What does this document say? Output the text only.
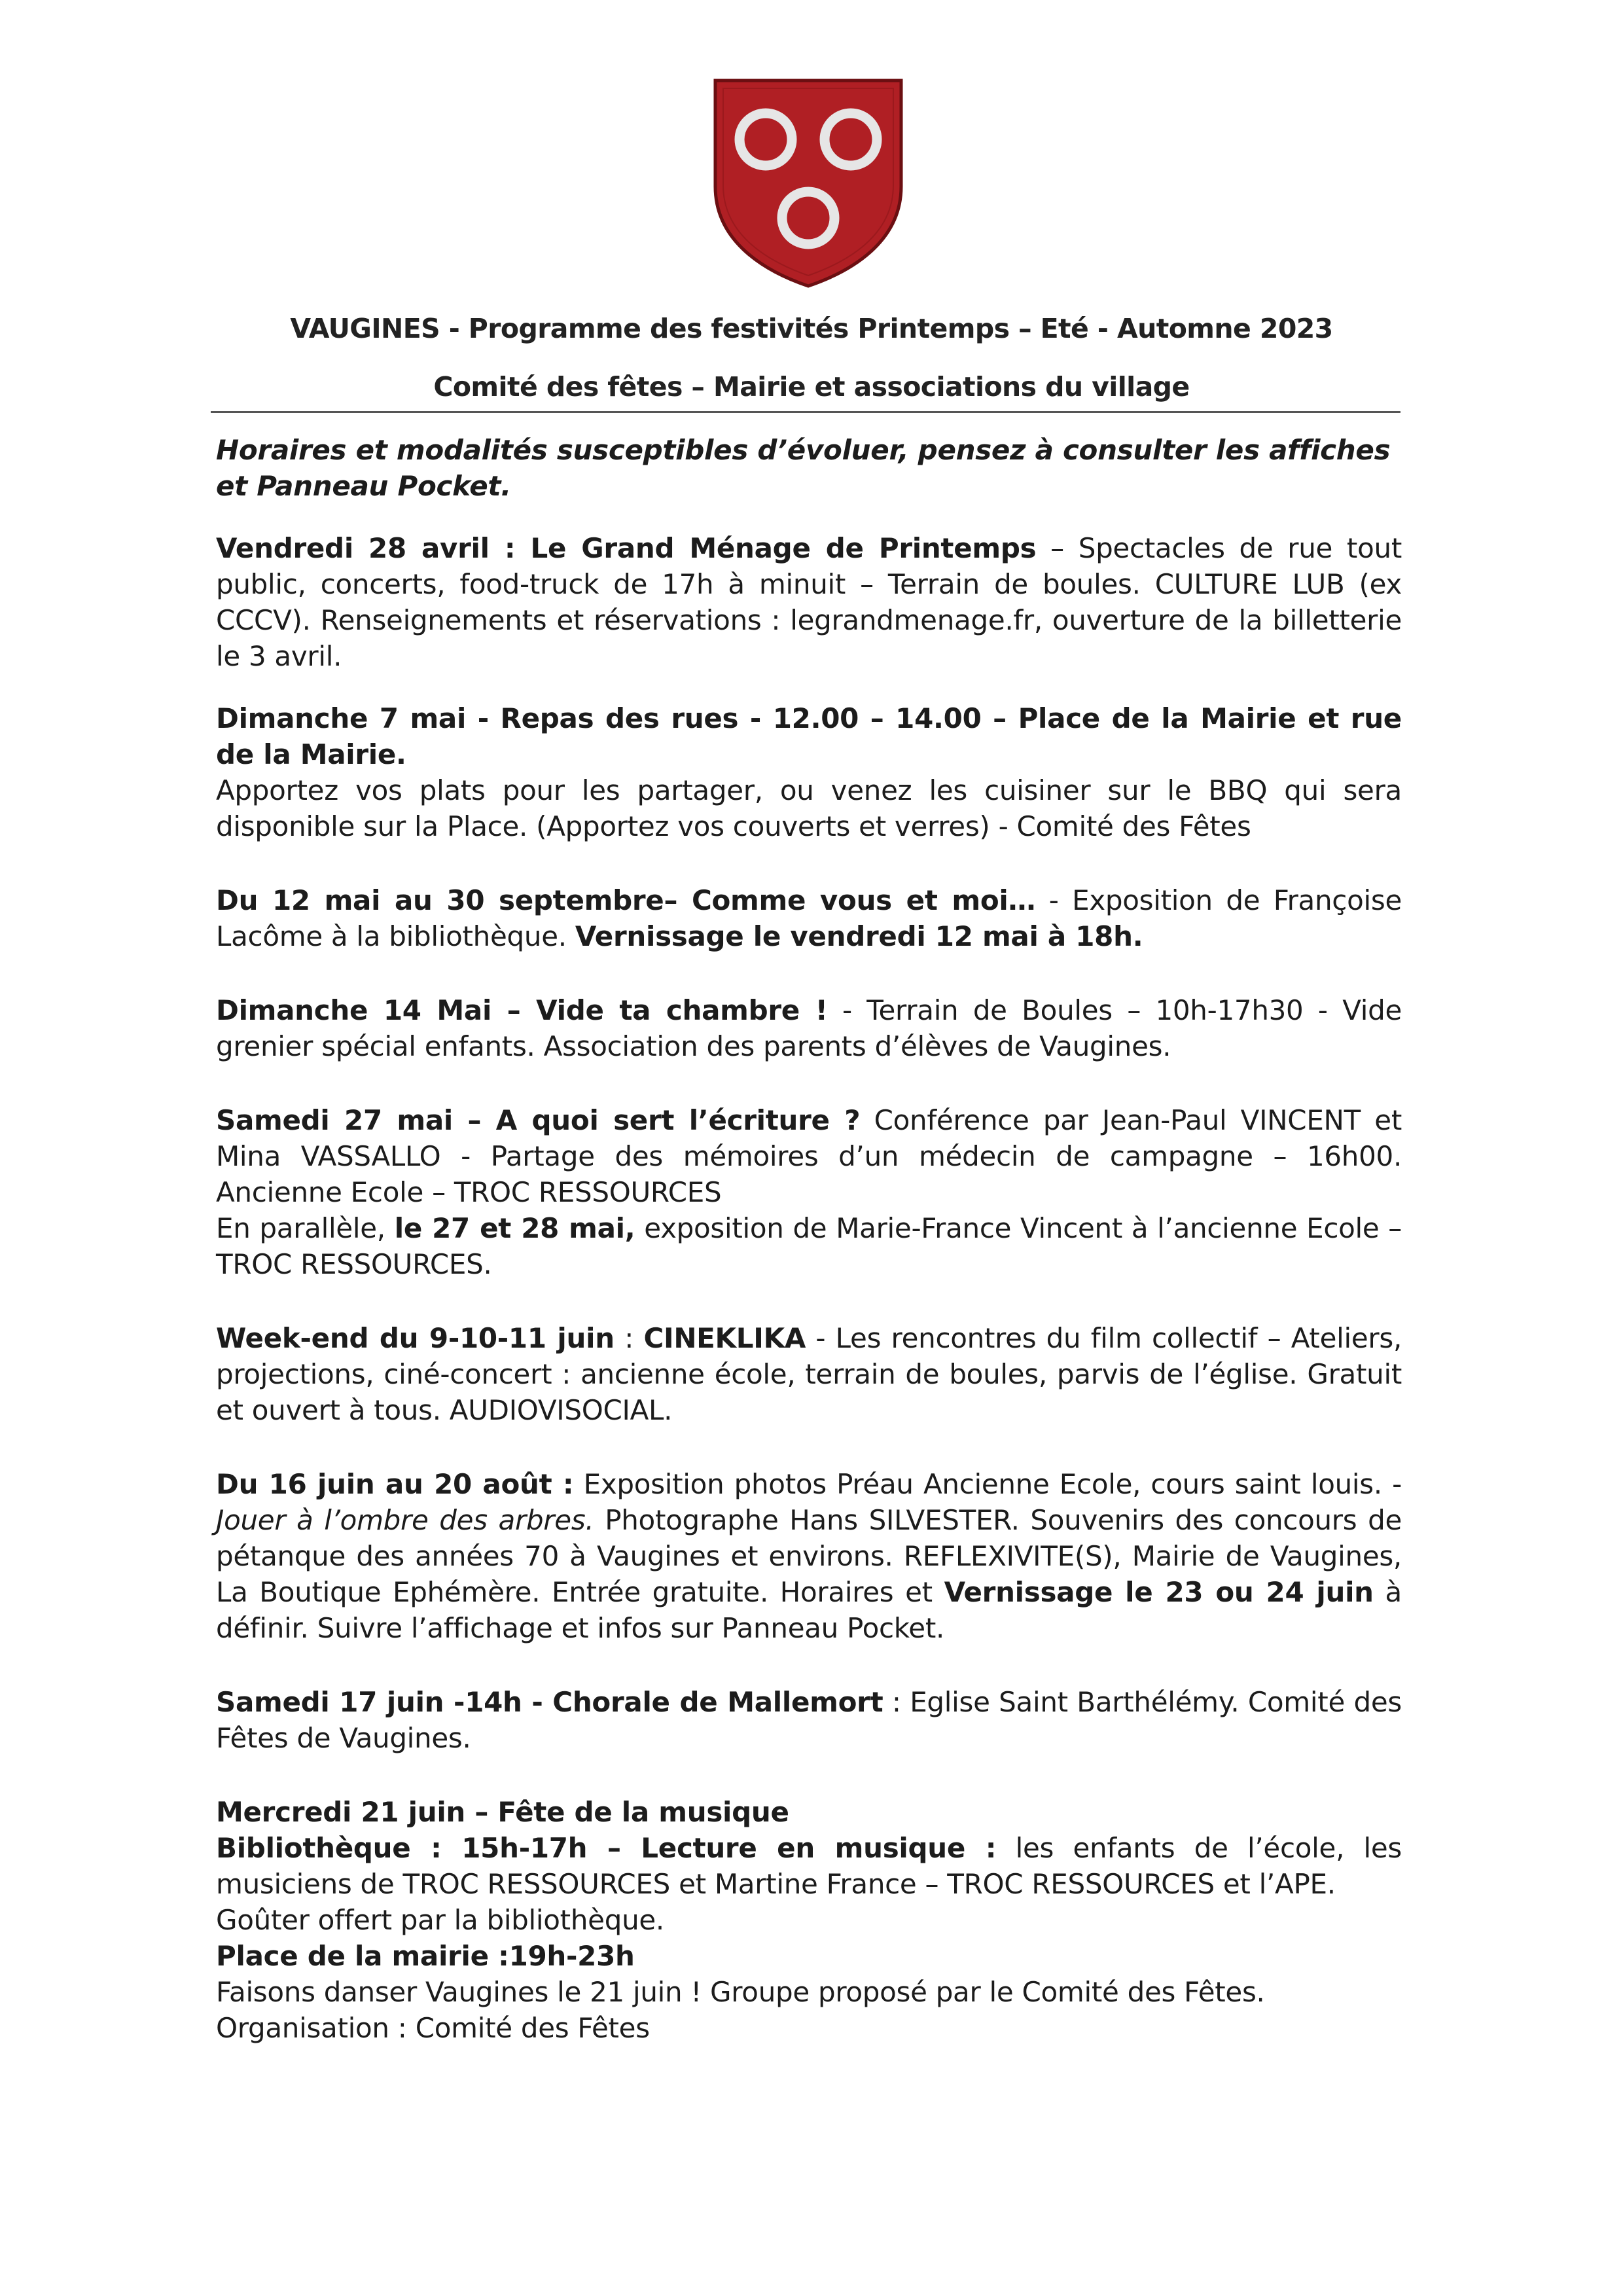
VAUGINES - Programme des festivités Printemps – Eté - Automne 2023
Comité des fêtes – Mairie et associations du village

Horaires et modalités susceptibles d’évoluer, pensez à consulter les affiches et Panneau Pocket.

Vendredi 28 avril : Le Grand Ménage de Printemps – Spectacles de rue tout public, concerts, food-truck de 17h à minuit – Terrain de boules. CULTURE LUB (ex CCCV). Renseignements et réservations : legrandmenage.fr, ouverture de la billetterie le 3 avril.

Dimanche 7 mai - Repas des rues - 12.00 – 14.00 – Place de la Mairie et rue de la Mairie.
Apportez vos plats pour les partager, ou venez les cuisiner sur le BBQ qui sera disponible sur la Place. (Apportez vos couverts et verres) - Comité des Fêtes

Du 12 mai au 30 septembre– Comme vous et moi… - Exposition de Françoise Lacôme à la bibliothèque. Vernissage le vendredi 12 mai à 18h.

Dimanche 14 Mai – Vide ta chambre ! - Terrain de Boules – 10h-17h30 - Vide grenier spécial enfants. Association des parents d’élèves de Vaugines.

Samedi 27 mai – A quoi sert l’écriture ? Conférence par Jean-Paul VINCENT et Mina VASSALLO - Partage des mémoires d’un médecin de campagne – 16h00. Ancienne Ecole – TROC RESSOURCES
En parallèle, le 27 et 28 mai, exposition de Marie-France Vincent à l’ancienne Ecole – TROC RESSOURCES.

Week-end du 9-10-11 juin : CINEKLIKA - Les rencontres du film collectif – Ateliers, projections, ciné-concert : ancienne école, terrain de boules, parvis de l’église. Gratuit et ouvert à tous. AUDIOVISOCIAL.

Du 16 juin au 20 août : Exposition photos Préau Ancienne Ecole, cours saint louis. - Jouer à l’ombre des arbres. Photographe Hans SILVESTER. Souvenirs des concours de pétanque des années 70 à Vaugines et environs. REFLEXIVITE(S), Mairie de Vaugines, La Boutique Ephémère. Entrée gratuite. Horaires et Vernissage le 23 ou 24 juin à définir. Suivre l’affichage et infos sur Panneau Pocket.

Samedi 17 juin -14h - Chorale de Mallemort : Eglise Saint Barthélémy. Comité des Fêtes de Vaugines.

Mercredi 21 juin – Fête de la musique
Bibliothèque : 15h-17h – Lecture en musique : les enfants de l’école, les musiciens de TROC RESSOURCES et Martine France – TROC RESSOURCES et l’APE.
Goûter offert par la bibliothèque.
Place de la mairie :19h-23h
Faisons danser Vaugines le 21 juin ! Groupe proposé par le Comité des Fêtes.
Organisation : Comité des Fêtes
